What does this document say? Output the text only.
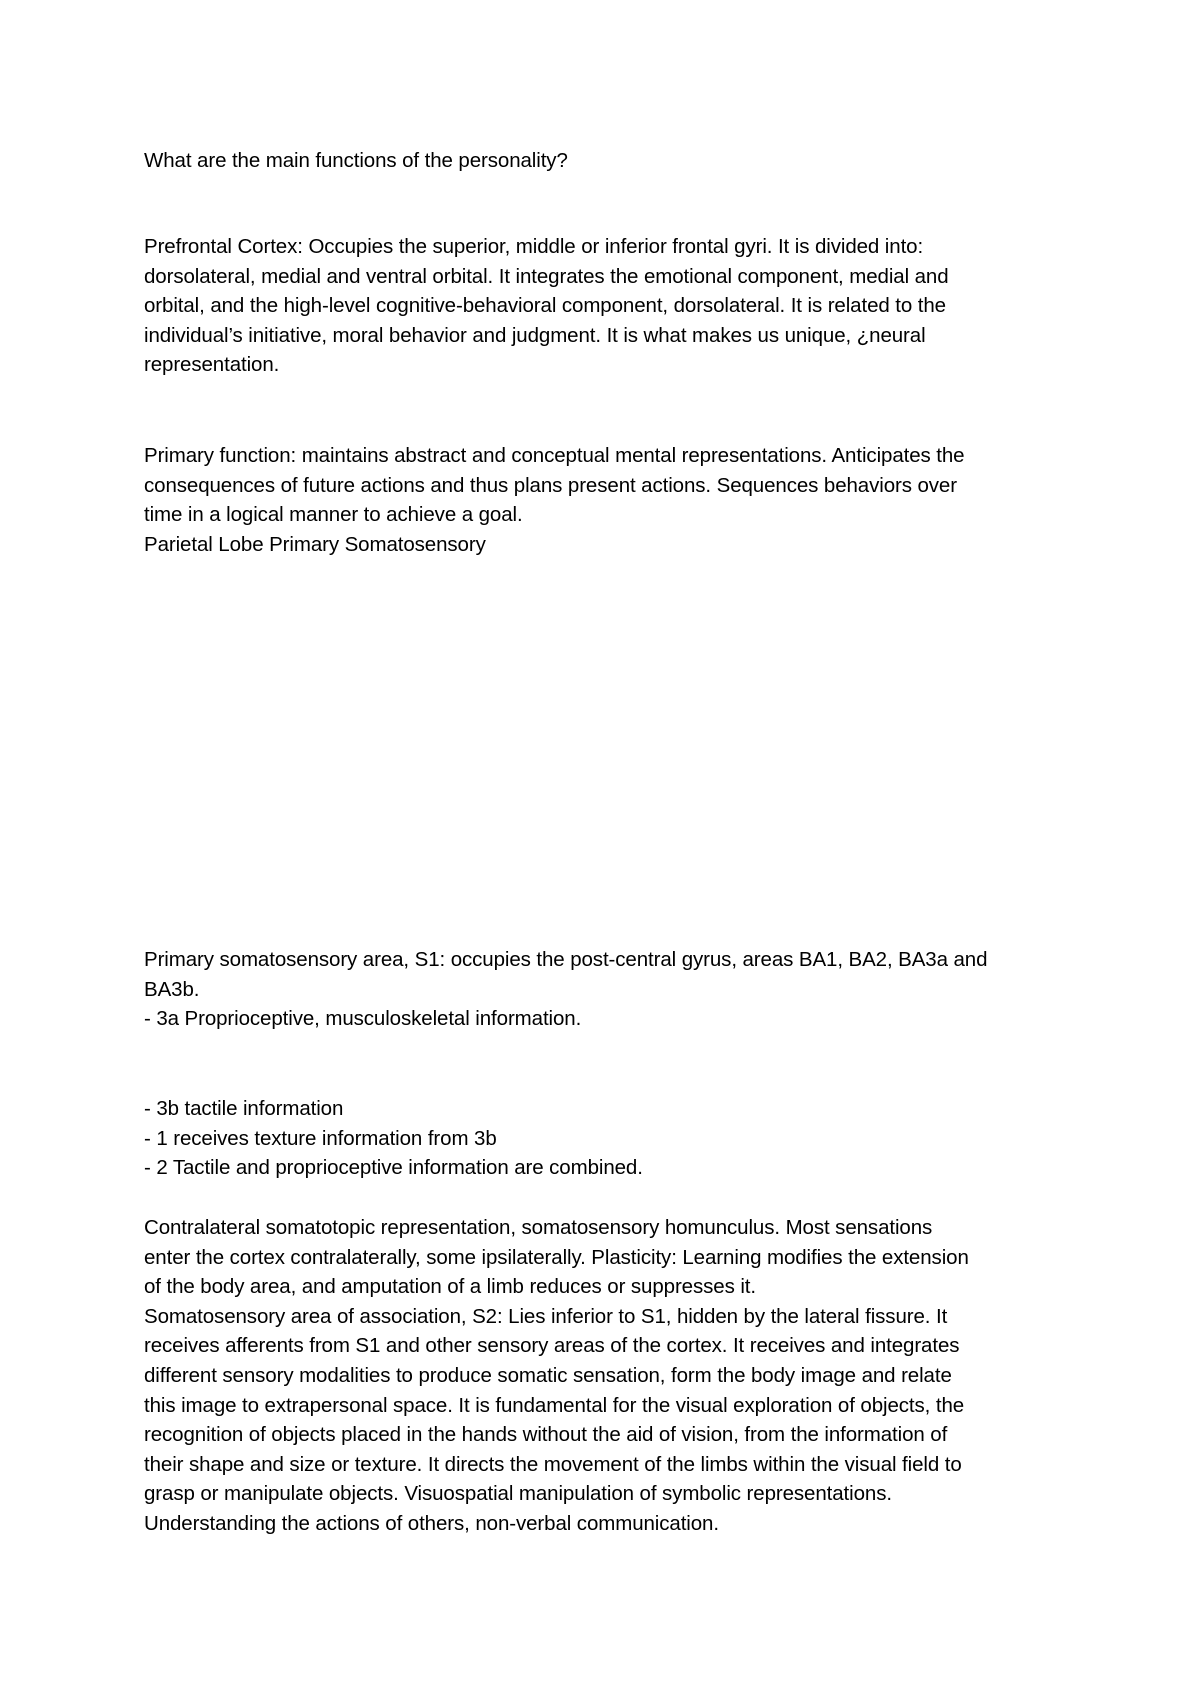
What are the main functions of the personality?

Prefrontal Cortex: Occupies the superior, middle or inferior frontal gyri. It is divided into:
dorsolateral, medial and ventral orbital. It integrates the emotional component, medial and
orbital, and the high-level cognitive-behavioral component, dorsolateral. It is related to the
individual’s initiative, moral behavior and judgment. It is what makes us unique, ¿neural
representation.

Primary function: maintains abstract and conceptual mental representations. Anticipates the
consequences of future actions and thus plans present actions. Sequences behaviors over
time in a logical manner to achieve a goal.
Parietal Lobe Primary Somatosensory

Primary somatosensory area, S1: occupies the post-central gyrus, areas BA1, BA2, BA3a and
BA3b.
- 3a Proprioceptive, musculoskeletal information.

- 3b tactile information
- 1 receives texture information from 3b
- 2 Tactile and proprioceptive information are combined.

Contralateral somatotopic representation, somatosensory homunculus. Most sensations
enter the cortex contralaterally, some ipsilaterally. Plasticity: Learning modifies the extension
of the body area, and amputation of a limb reduces or suppresses it.
Somatosensory area of association, S2: Lies inferior to S1, hidden by the lateral fissure. It
receives afferents from S1 and other sensory areas of the cortex. It receives and integrates
different sensory modalities to produce somatic sensation, form the body image and relate
this image to extrapersonal space. It is fundamental for the visual exploration of objects, the
recognition of objects placed in the hands without the aid of vision, from the information of
their shape and size or texture. It directs the movement of the limbs within the visual field to
grasp or manipulate objects. Visuospatial manipulation of symbolic representations.
Understanding the actions of others, non-verbal communication.
